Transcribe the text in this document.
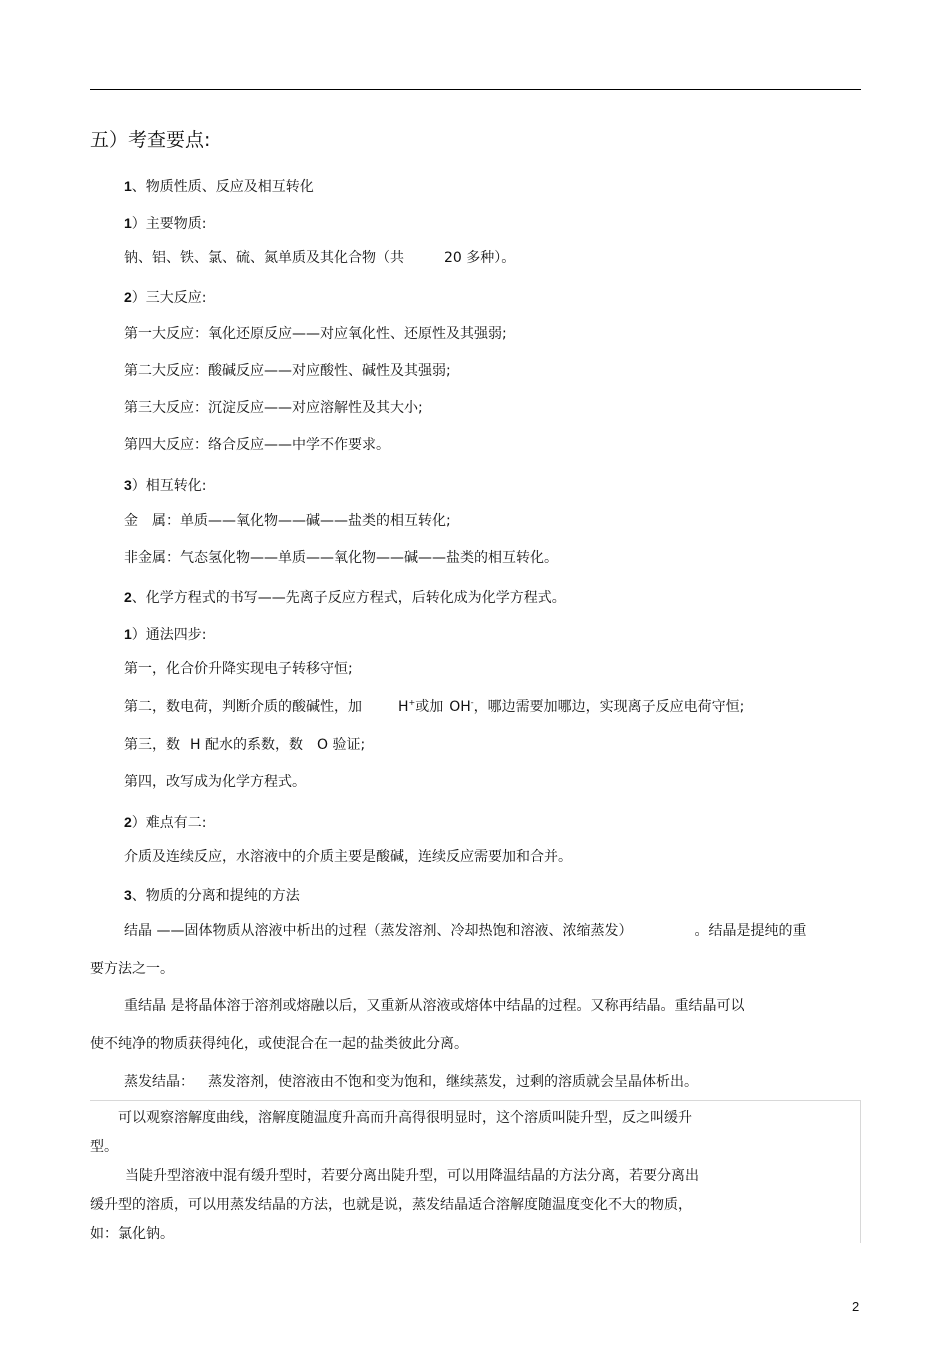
五）考查要点:
1、物质性质、反应及相互转化
1）主要物质:
钠、铝、铁、氯、硫、氮单质及其化合物（共	20 多种）。
2）三大反应:
第一大反应：氧化还原反应——对应氧化性、还原性及其强弱;
第二大反应：酸碱反应——对应酸性、碱性及其强弱;
第三大反应：沉淀反应——对应溶解性及其大小;
第四大反应：络合反应——中学不作要求。
3）相互转化:
金 属：单质——氧化物——碱——盐类的相互转化;
非金属：气态氢化物——单质——氧化物——碱——盐类的相互转化。
2、化学方程式的书写——先离子反应方程式，后转化成为化学方程式。
1）通法四步:
第一，化合价升降实现电子转移守恒;
第二，数电荷，判断介质的酸碱性，加	H+或加 OH-，哪边需要加哪边，实现离子反应电荷守恒;
第三，数 H 配水的系数，数 O 验证;
第四，改写成为化学方程式。
2）难点有二:
介质及连续反应，水溶液中的介质主要是酸碱，连续反应需要加和合并。
3、物质的分离和提纯的方法
结晶 ——固体物质从溶液中析出的过程（蒸发溶剂、冷却热饱和溶液、浓缩蒸发）	。结晶是提纯的重
要方法之一。
重结晶 是将晶体溶于溶剂或熔融以后，又重新从溶液或熔体中结晶的过程。又称再结晶。重结晶可以
使不纯净的物质获得纯化，或使混合在一起的盐类彼此分离。
蒸发结晶： 蒸发溶剂，使溶液由不饱和变为饱和，继续蒸发，过剩的溶质就会呈晶体析出。
可以观察溶解度曲线，溶解度随温度升高而升高得很明显时，这个溶质叫陡升型，反之叫缓升
型。
当陡升型溶液中混有缓升型时，若要分离出陡升型，可以用降温结晶的方法分离，若要分离出
缓升型的溶质，可以用蒸发结晶的方法，也就是说，蒸发结晶适合溶解度随温度变化不大的物质，
如：氯化钠。
2
